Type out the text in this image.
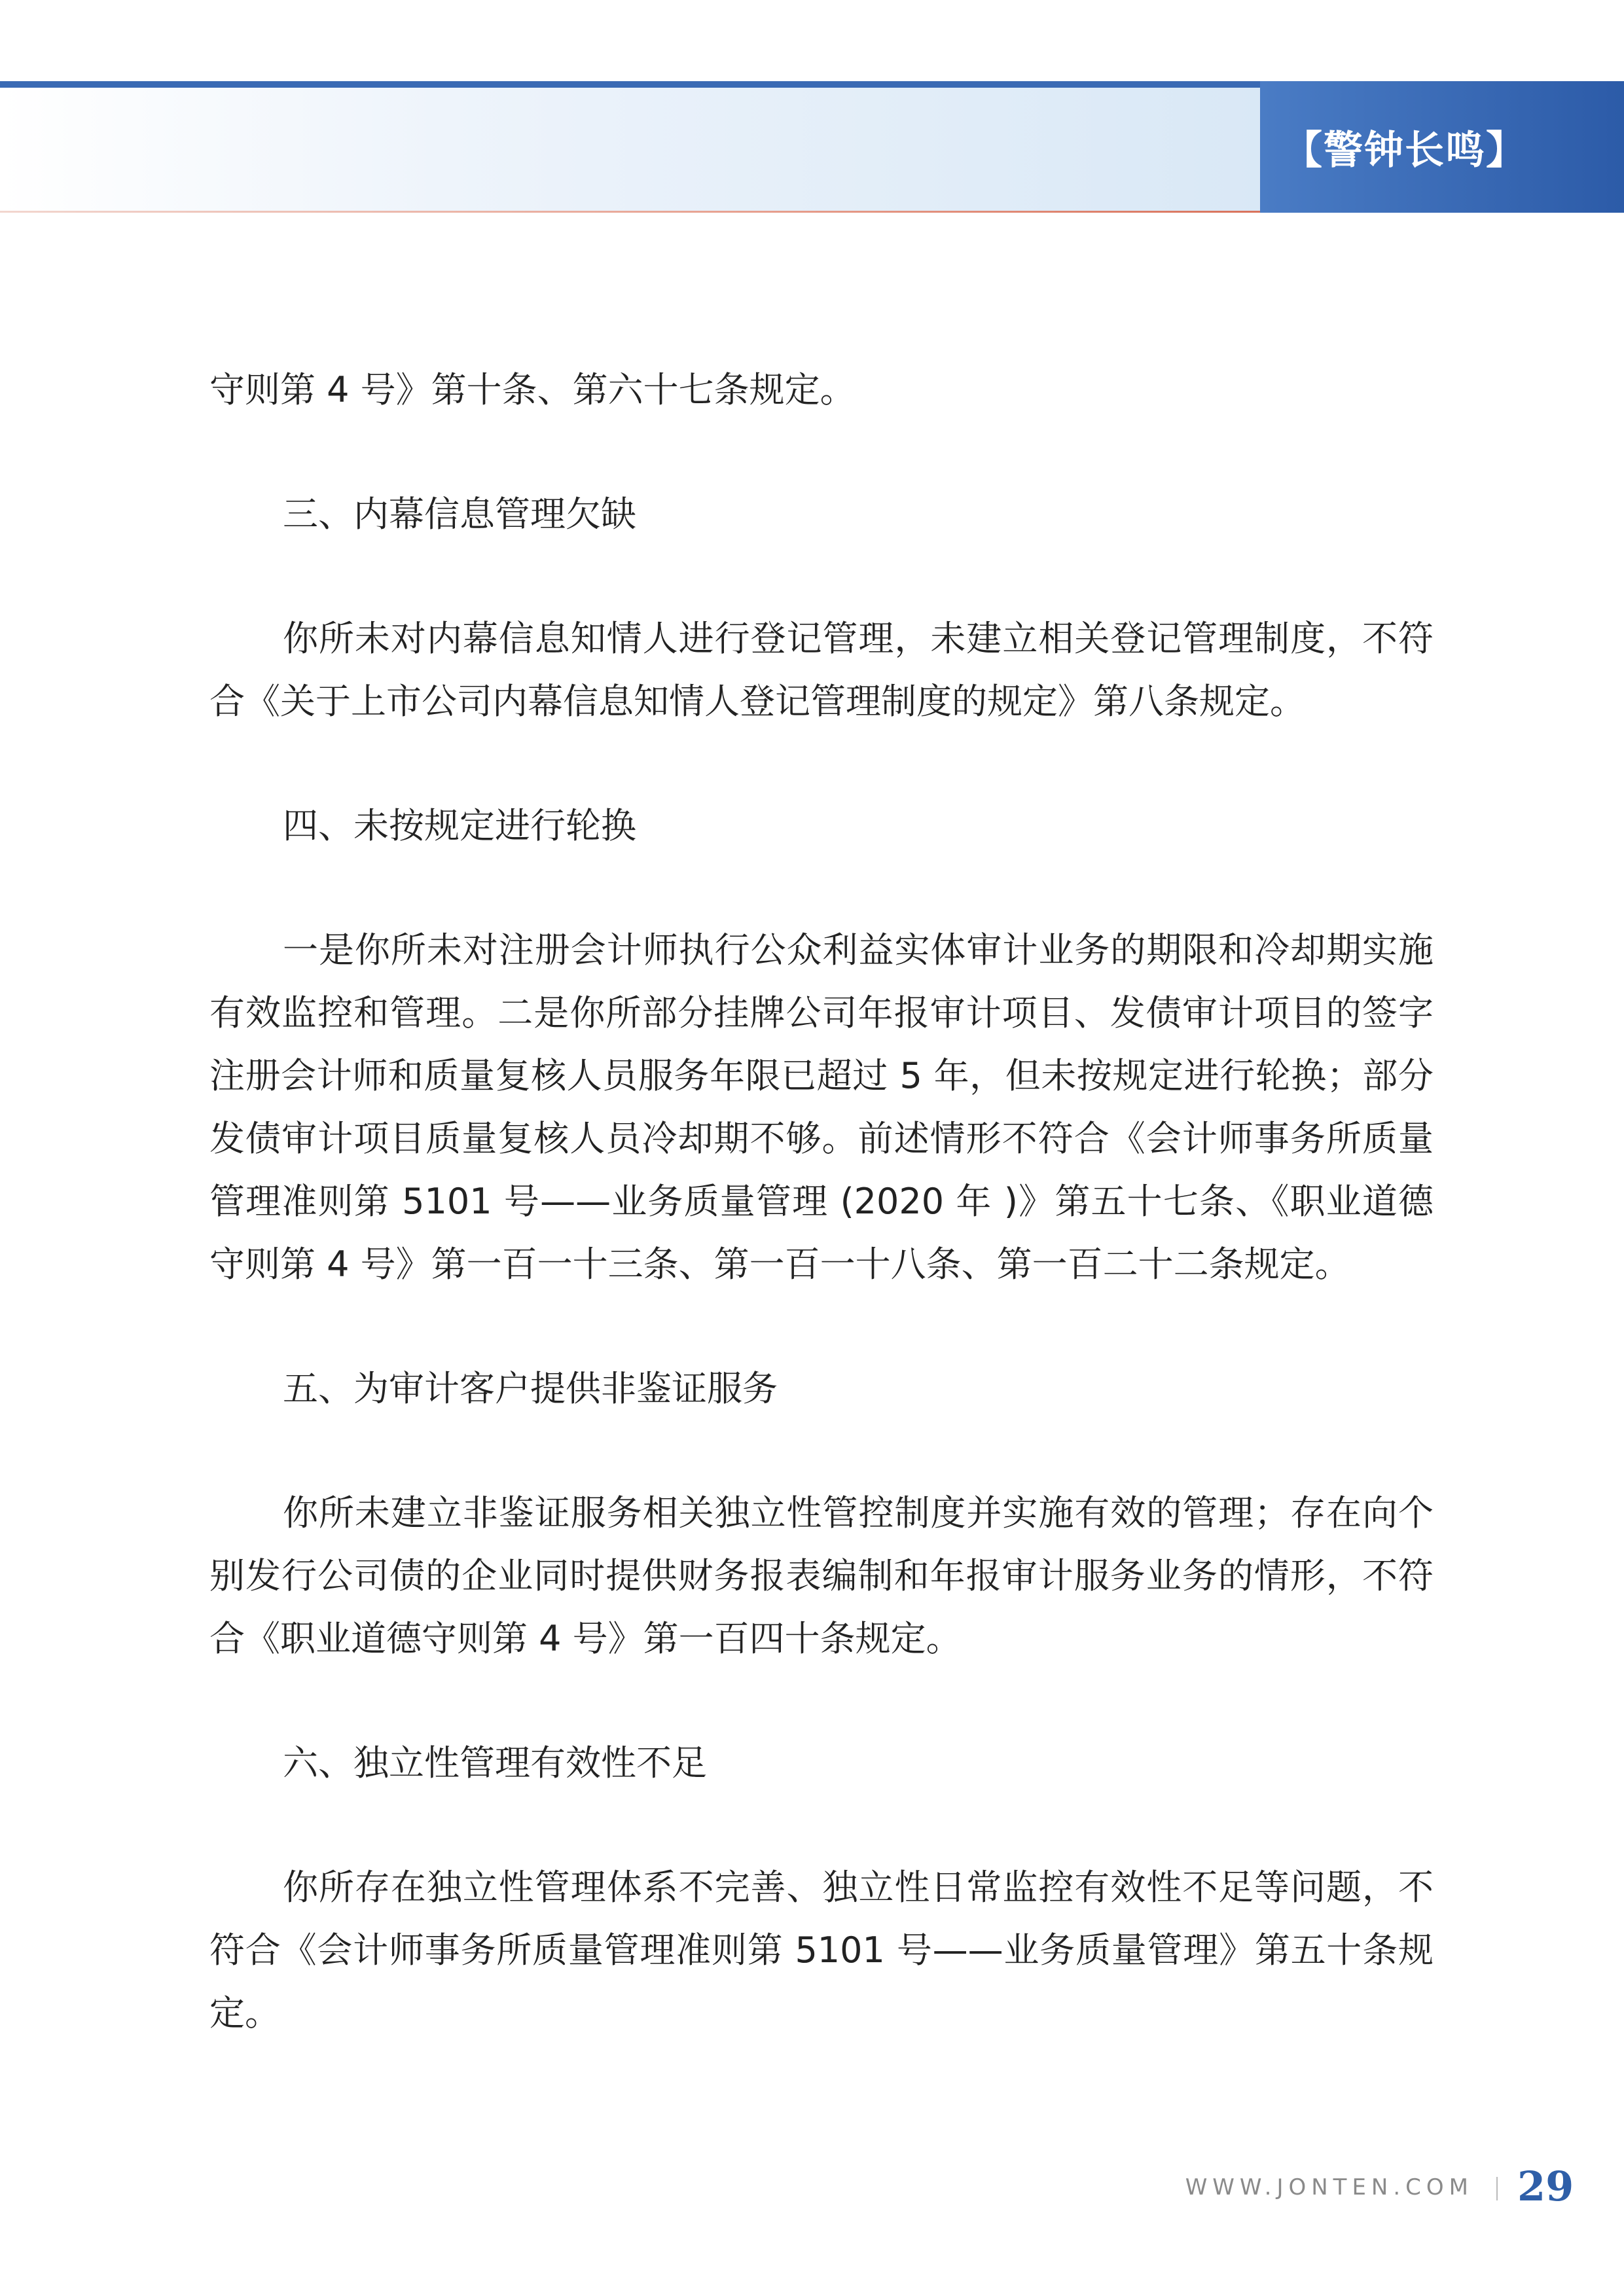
【警钟长鸣】

守则第 4 号》第十条、第六十七条规定。

三、内幕信息管理欠缺

你所未对内幕信息知情人进行登记管理，未建立相关登记管理制度，不符合《关于上市公司内幕信息知情人登记管理制度的规定》第八条规定。

四、未按规定进行轮换

一是你所未对注册会计师执行公众利益实体审计业务的期限和冷却期实施有效监控和管理。二是你所部分挂牌公司年报审计项目、发债审计项目的签字注册会计师和质量复核人员服务年限已超过 5 年，但未按规定进行轮换；部分发债审计项目质量复核人员冷却期不够。前述情形不符合《会计师事务所质量管理准则第 5101 号——业务质量管理 (2020 年 )》第五十七条、《职业道德守则第 4 号》第一百一十三条、第一百一十八条、第一百二十二条规定。

五、为审计客户提供非鉴证服务

你所未建立非鉴证服务相关独立性管控制度并实施有效的管理；存在向个别发行公司债的企业同时提供财务报表编制和年报审计服务业务的情形，不符合《职业道德守则第 4 号》第一百四十条规定。

六、独立性管理有效性不足

你所存在独立性管理体系不完善、独立性日常监控有效性不足等问题，不符合《会计师事务所质量管理准则第 5101 号——业务质量管理》第五十条规定。

WWW.JONTEN.COM 29
